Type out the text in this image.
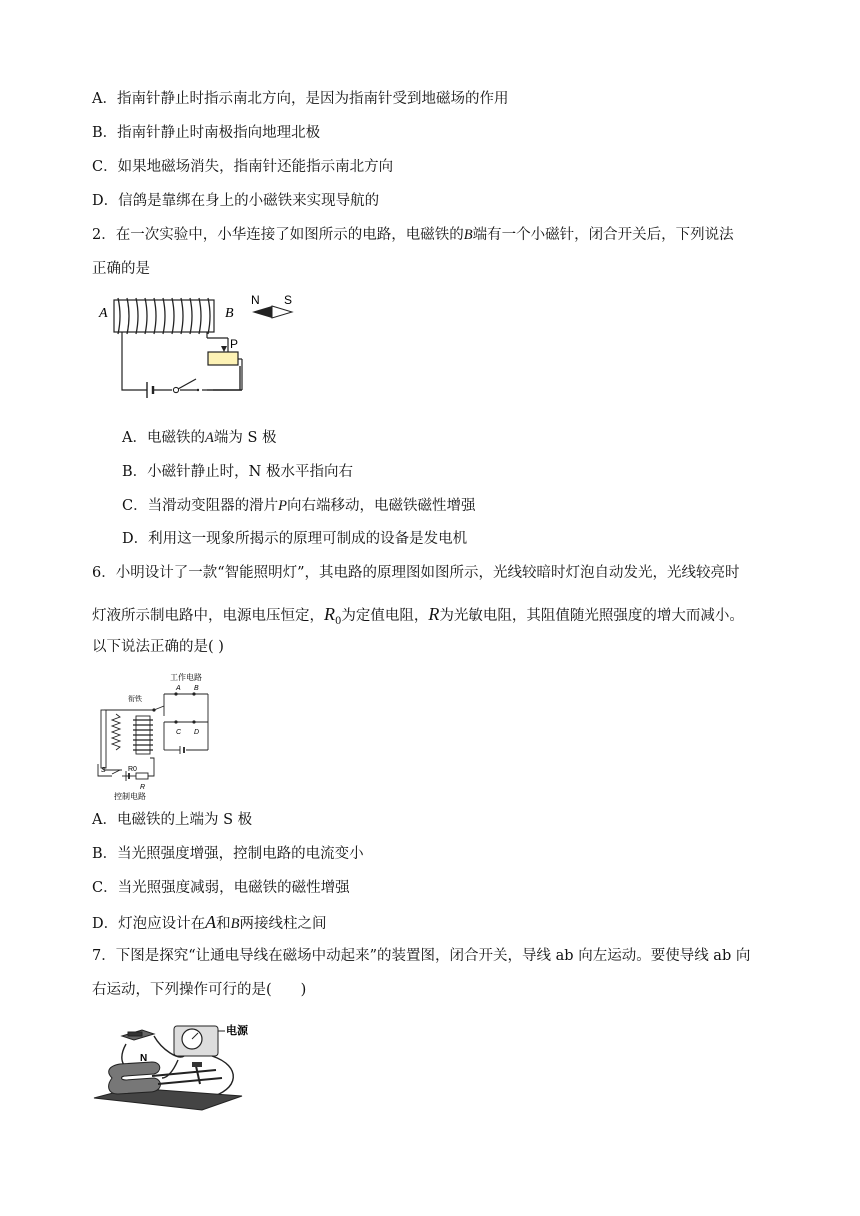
A．指南针静止时指示南北方向，是因为指南针受到地磁场的作用
B．指南针静止时南极指向地理北极
C．如果地磁场消失，指南针还能指示南北方向
D．信鸽是靠绑在身上的小磁铁来实现导航的
2．在一次实验中，小华连接了如图所示的电路，电磁铁的B端有一个小磁针，闭合开关后，下列说法
正确的是
A	B
N S
P
A．电磁铁的A端为 S 极
B．小磁针静止时，N 极水平指向右
C．当滑动变阻器的滑片P向右端移动，电磁铁磁性增强
D．利用这一现象所揭示的原理可制成的设备是发电机
6．小明设计了一款“智能照明灯”，其电路的原理图如图所示，光线较暗时灯泡自动发光，光线较亮时
灯液所示制电路中，电源电压恒定，$R_0$为定值电阻，R为光敏电阻，其阻值随光照强度的增大而减小。
以下说法正确的是( )
工作电路
A B
衔铁
C D
S	R0
R
控制电路
A．电磁铁的上端为 S 极
B．当光照强度增强，控制电路的电流变小
C．当光照强度减弱，电磁铁的磁性增强
D．灯泡应设计在A和B两接线柱之间
7．下图是探究“让通电导线在磁场中动起来”的装置图，闭合开关，导线 ab 向左运动。要使导线 ab 向
右运动，下列操作可行的是(　　)
电源
N
